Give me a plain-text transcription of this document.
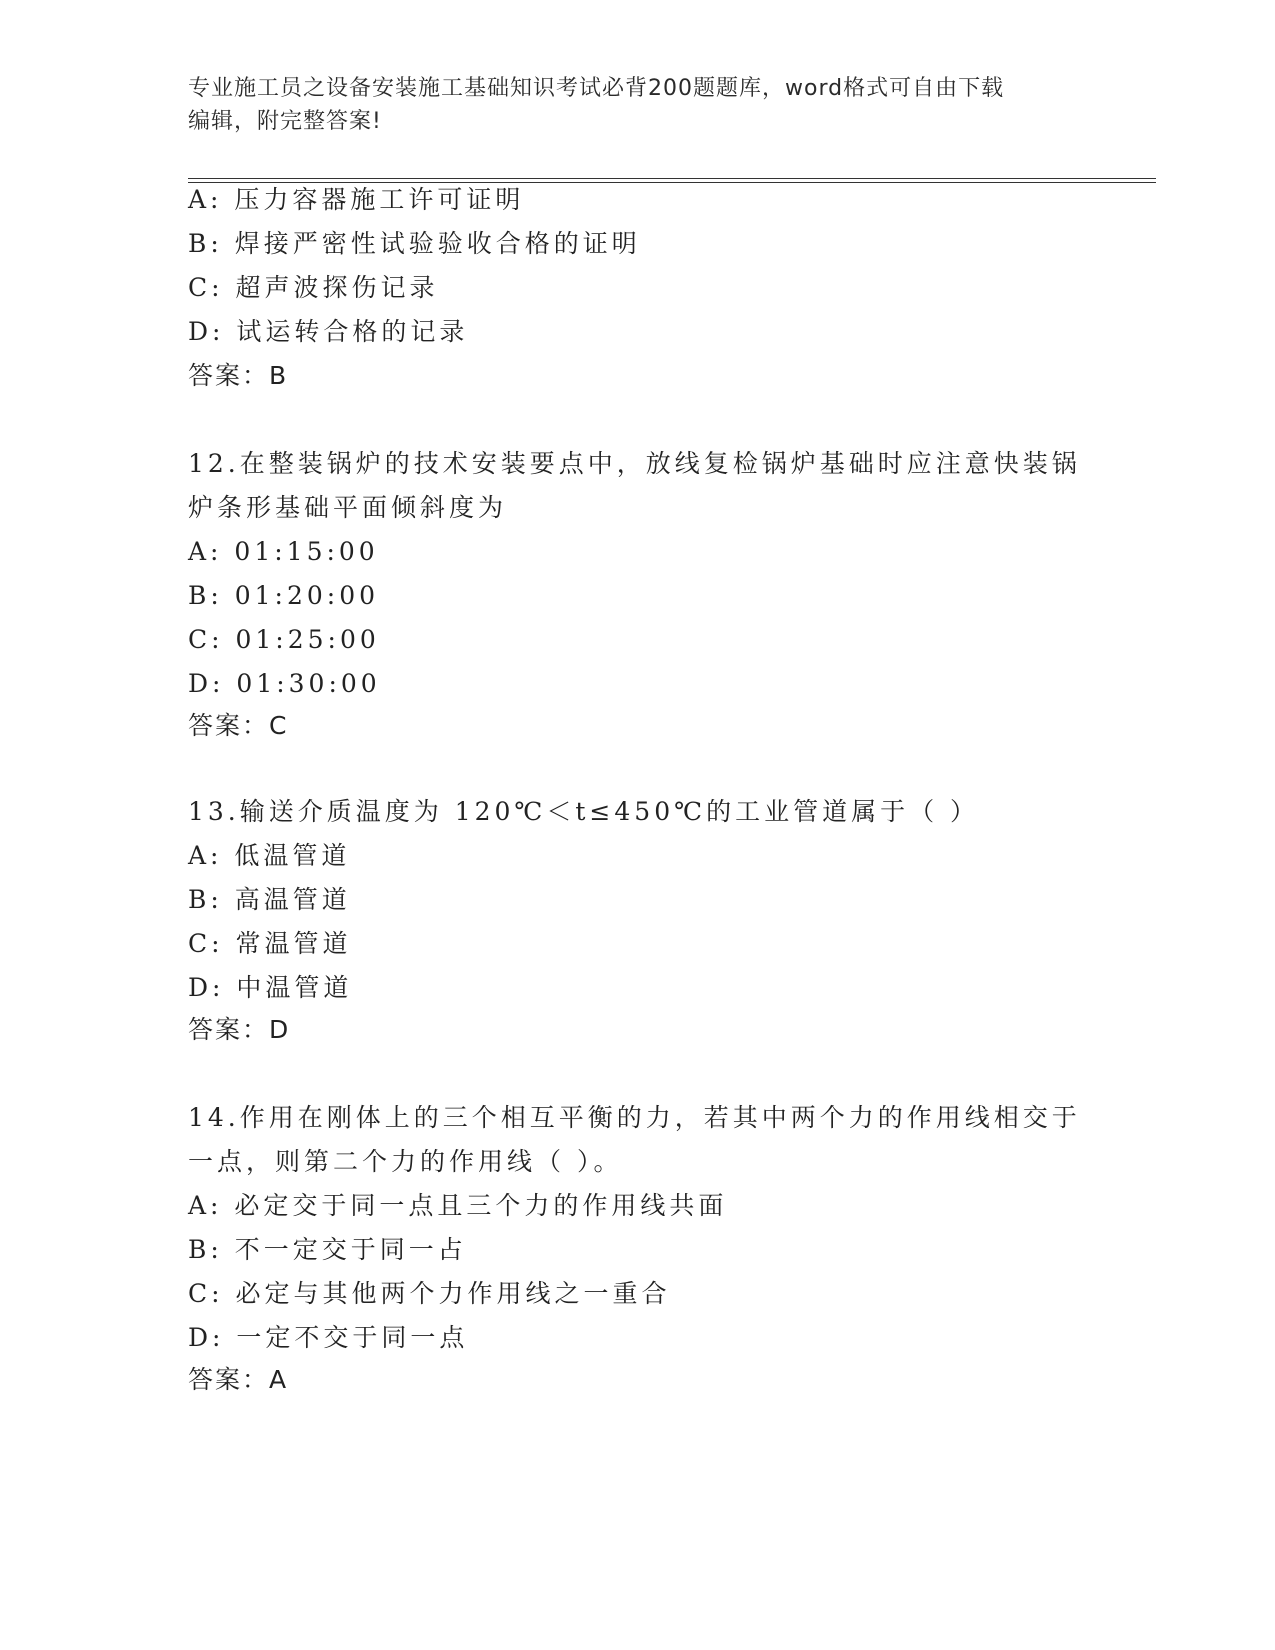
专业施工员之设备安装施工基础知识考试必背200题题库，word格式可自由下载
编辑，附完整答案!
A: 压力容器施工许可证明
B: 焊接严密性试验验收合格的证明
C: 超声波探伤记录
D: 试运转合格的记录
答案：B
12.在整装锅炉的技术安装要点中，放线复检锅炉基础时应注意快装锅
炉条形基础平面倾斜度为
A: 01:15:00
B: 01:20:00
C: 01:25:00
D: 01:30:00
答案：C
13.输送介质温度为 120℃＜t≤450℃的工业管道属于（ ）
A: 低温管道
B: 高温管道
C: 常温管道
D: 中温管道
答案：D
14.作用在刚体上的三个相互平衡的力，若其中两个力的作用线相交于
一点，则第二个力的作用线（ ）。
A: 必定交于同一点且三个力的作用线共面
B: 不一定交于同一占
C: 必定与其他两个力作用线之一重合
D: 一定不交于同一点
答案：A
